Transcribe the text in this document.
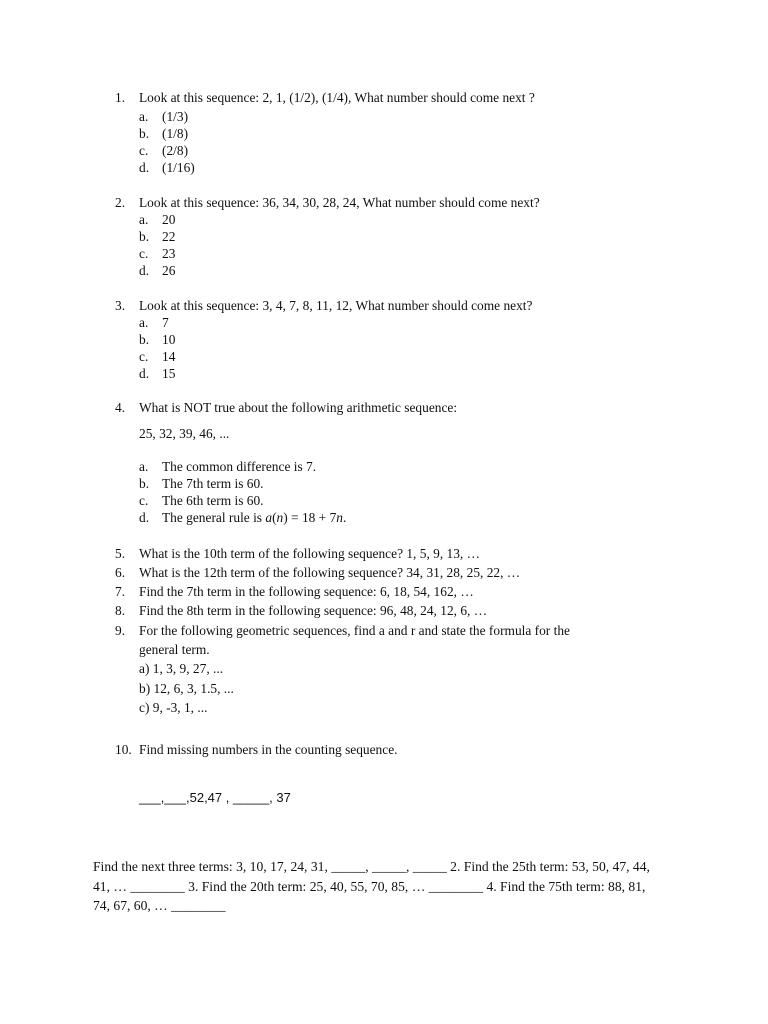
1. Look at this sequence: 2, 1, (1/2), (1/4), What number should come next ?
a. (1/3)
b. (1/8)
c. (2/8)
d. (1/16)
2. Look at this sequence: 36, 34, 30, 28, 24, What number should come next?
a. 20
b. 22
c. 23
d. 26
3. Look at this sequence: 3, 4, 7, 8, 11, 12, What number should come next?
a. 7
b. 10
c. 14
d. 15
4. What is NOT true about the following arithmetic sequence:
25, 32, 39, 46, ...
a. The common difference is 7.
b. The 7th term is 60.
c. The 6th term is 60.
d. The general rule is a(n) = 18 + 7n.
5. What is the 10th term of the following sequence? 1, 5, 9, 13, …
6. What is the 12th term of the following sequence? 34, 31, 28, 25, 22, …
7. Find the 7th term in the following sequence: 6, 18, 54, 162, …
8. Find the 8th term in the following sequence: 96, 48, 24, 12, 6, …
9. For the following geometric sequences, find a and r and state the formula for the
general term.
a) 1, 3, 9, 27, ...
b) 12, 6, 3, 1.5, ...
c) 9, -3, 1, ...
10. Find missing numbers in the counting sequence.
___,___,52,47 , _____, 37
Find the next three terms: 3, 10, 17, 24, 31, _____, _____, _____ 2. Find the 25th term: 53, 50, 47, 44, 41, … ________ 3. Find the 20th term: 25, 40, 55, 70, 85, … ________ 4. Find the 75th term: 88, 81, 74, 67, 60, … ________
